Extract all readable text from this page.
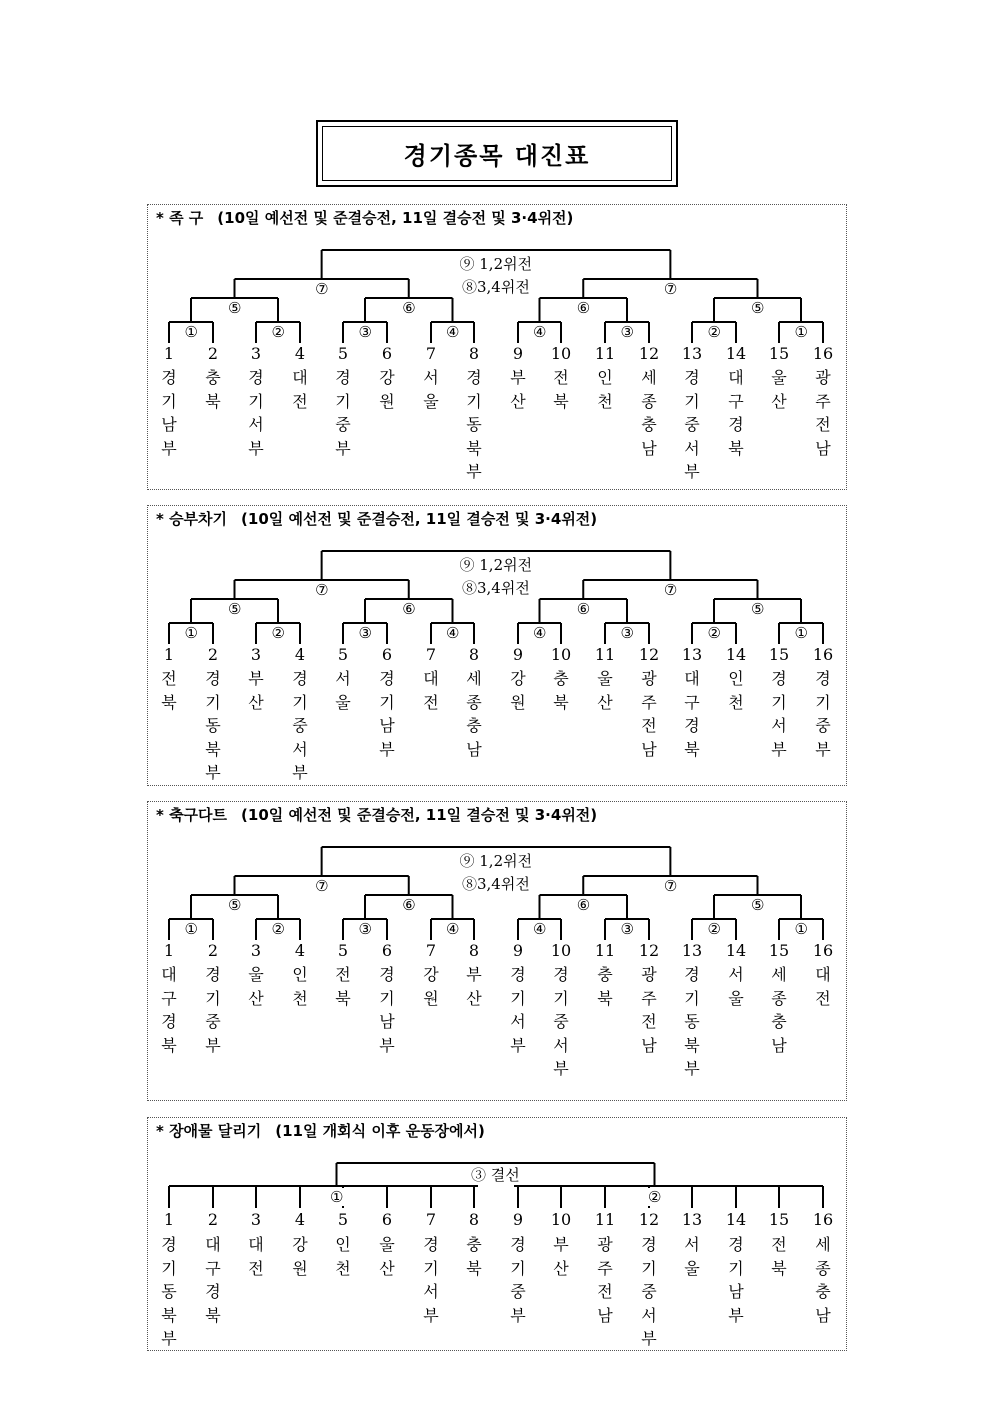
경기종목 대진표
* 족 구 (10일 예선전 및 준결승전, 11일 결승전 및 3·4위전)
①	②	③	④	④	③	②	①
⑤	⑥	⑥	⑤
⑦	⑦
⑨ 1,2위전
⑧3,4위전
1
경
기
남
부
2
충
북
3
경
기
서
부
4
대
전
5
경
기
중
부
6
강
원
7
서
울
8
경
기
동
북
부
9
부
산
10
전
북
11
인
천
12
세
종
충
남
13
경
기
중
서
부
14
대
구
경
북
15
울
산
16
광
주
전
남
* 승부차기 (10일 예선전 및 준결승전, 11일 결승전 및 3·4위전)
①	②	③	④	④	③	②	①
⑤	⑥	⑥	⑤
⑦	⑦
⑨ 1,2위전
⑧3,4위전
1
전
북
2
경
기
동
북
부
3
부
산
4
경
기
중
서
부
5
서
울
6
경
기
남
부
7
대
전
8
세
종
충
남
9
강
원
10
충
북
11
울
산
12
광
주
전
남
13
대
구
경
북
14
인
천
15
경
기
서
부
16
경
기
중
부
* 축구다트 (10일 예선전 및 준결승전, 11일 결승전 및 3·4위전)
①	②	③	④	④	③	②	①
⑤	⑥	⑥	⑤
⑦	⑦
⑨ 1,2위전
⑧3,4위전
1
대
구
경
북
2
경
기
중
부
3
울
산
4
인
천
5
전
북
6
경
기
남
부
7
강
원
8
부
산
9
경
기
서
부
10
경
기
중
서
부
11
충
북
12
광
주
전
남
13
경
기
동
북
부
14
서
울
15
세
종
충
남
16
대
전
* 장애물 달리기 (11일 개회식 이후 운동장에서)
①	②
③ 결선
1
경
기
동
북
부
2
대
구
경
북
3
대
전
4
강
원
5
인
천
6
울
산
7
경
기
서
부
8
충
북
9
경
기
중
부
10
부
산
11
광
주
전
남
12
경
기
중
서
부
13
서
울
14
경
기
남
부
15
전
북
16
세
종
충
남
